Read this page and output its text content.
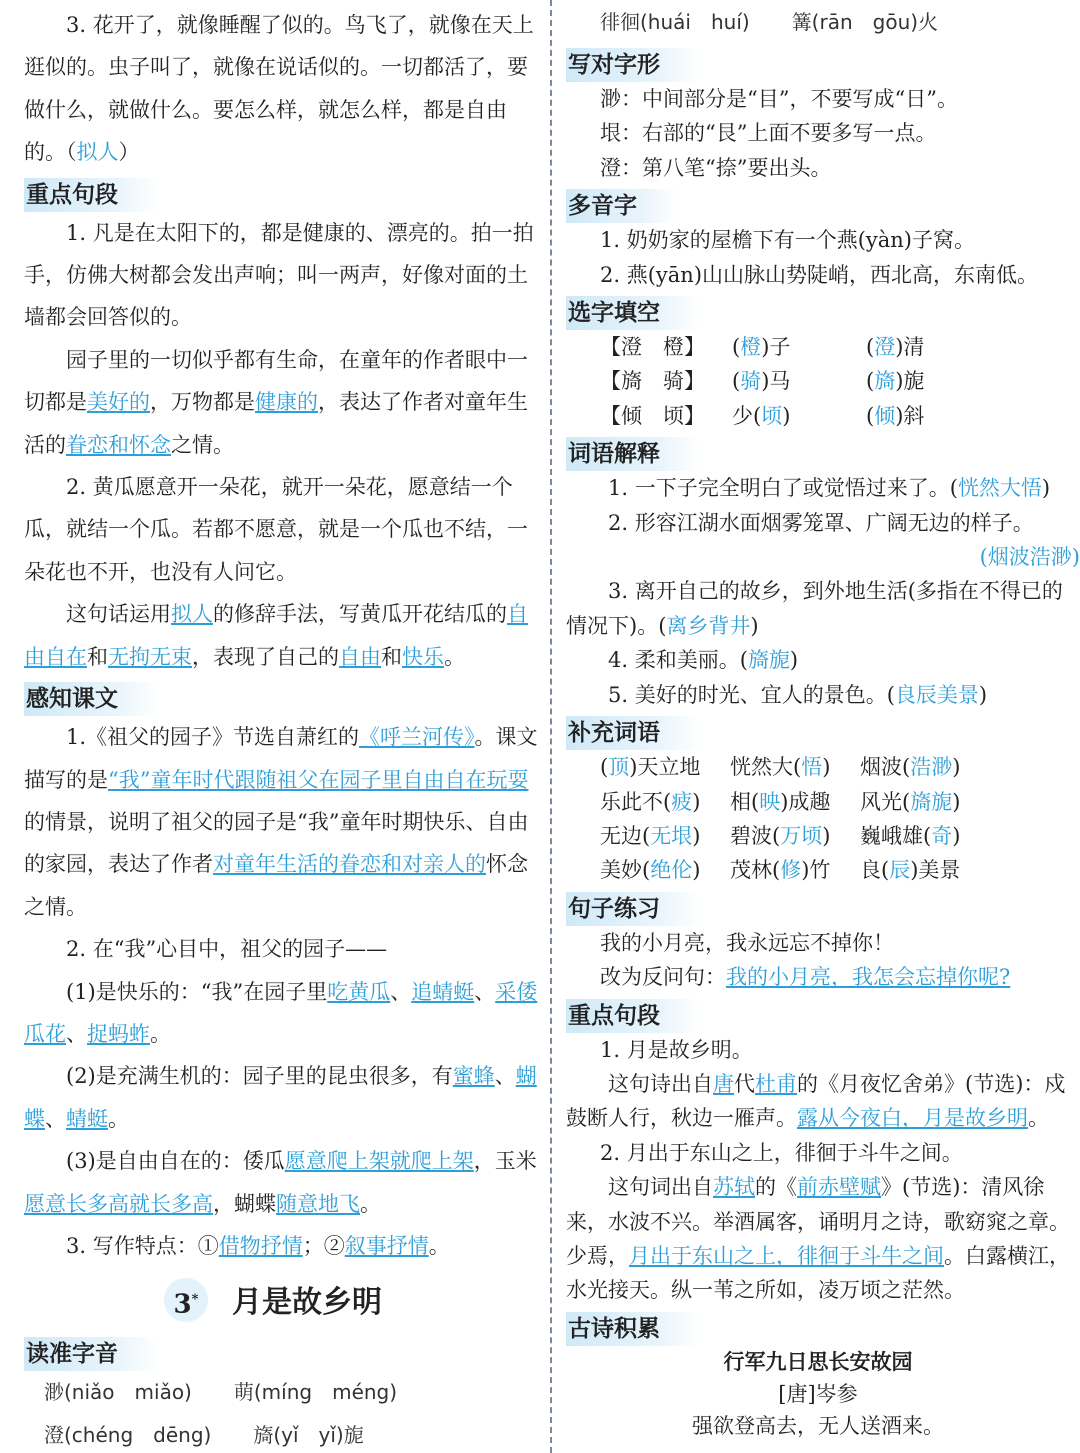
3. 花开了，就像睡醒了似的。鸟飞了，就像在天上逛似的。虫子叫了，就像在说话似的。一切都活了，要做什么，就做什么。要怎么样，就怎么样，都是自由的。（拟人）

重点句段

1. 凡是在太阳下的，都是健康的、漂亮的。拍一拍手，仿佛大树都会发出声响；叫一两声，好像对面的土墙都会回答似的。

园子里的一切似乎都有生命，在童年的作者眼中一切都是美好的，万物都是健康的，表达了作者对童年生活的眷恋和怀念之情。

2. 黄瓜愿意开一朵花，就开一朵花，愿意结一个瓜，就结一个瓜。若都不愿意，就是一个瓜也不结，一朵花也不开，也没有人问它。

这句话运用拟人的修辞手法，写黄瓜开花结瓜的自由自在和无拘无束，表现了自己的自由和快乐。

感知课文

1.《祖父的园子》节选自萧红的《呼兰河传》。课文描写的是“我”童年时代跟随祖父在园子里自由自在玩耍的情景，说明了祖父的园子是“我”童年时期快乐、自由的家园，表达了作者对童年生活的眷恋和对亲人的怀念之情。

2. 在“我”心目中，祖父的园子——

(1)是快乐的：“我”在园子里吃黄瓜、追蜻蜓、采倭瓜花、捉蚂蚱。

(2)是充满生机的：园子里的昆虫很多，有蜜蜂、蝴蝶、蜻蜓。

(3)是自由自在的：倭瓜愿意爬上架就爬上架，玉米愿意长多高就长多高，蝴蝶随意地飞。

3. 写作特点：①借物抒情；②叙事抒情。

3* 月是故乡明
读准字音

渺(niǎo　miǎo)　　 萌(míng　méng)

澄(chéng　dēng)　　 旖(yǐ　yǐ)旎

徘徊(huái　huí)　　 篝(rān　gōu)火

写对字形

渺：中间部分是“目”，不要写成“日”。

垠：右部的“艮”上面不要多写一点。

澄：第八笔“捺”要出头。

多音字

1. 奶奶家的屋檐下有一个燕(yàn)子窝。

2. 燕(yān)山山脉山势陡峭，西北高，东南低。

选字填空
【澄　橙】	(橙)子	(澄)清
【旖　骑】	(骑)马	(旖)旎
【倾　顷】	少(顷)	(倾)斜
词语解释

1. 一下子完全明白了或觉悟过来了。(恍然大悟)

2. 形容江湖水面烟雾笼罩、广阔无边的样子。

(烟波浩渺)

3. 离开自己的故乡，到外地生活(多指在不得已的情况下)。(离乡背井)

4. 柔和美丽。(旖旎)

5. 美好的时光、宜人的景色。(良辰美景)

补充词语
(顶)天立地	恍然大(悟)	烟波(浩渺)
乐此不(疲)	相(映)成趣	风光(旖旎)
无边(无垠)	碧波(万顷)	巍峨雄(奇)
美妙(绝伦)	茂林(修)竹	良(辰)美景
句子练习

我的小月亮，我永远忘不掉你！

改为反问句：我的小月亮，我怎会忘掉你呢?

重点句段

1. 月是故乡明。

这句诗出自唐代杜甫的《月夜忆舍弟》(节选)：戍鼓断人行，秋边一雁声。露从今夜白，月是故乡明。

2. 月出于东山之上，徘徊于斗牛之间。

这句词出自苏轼的《前赤壁赋》(节选)：清风徐来，水波不兴。举酒属客，诵明月之诗，歌窈窕之章。少焉，月出于东山之上，徘徊于斗牛之间。白露横江，水光接天。纵一苇之所如，凌万顷之茫然。

古诗积累

行军九日思长安故园

[唐]岑参

强欲登高去，无人送酒来。
